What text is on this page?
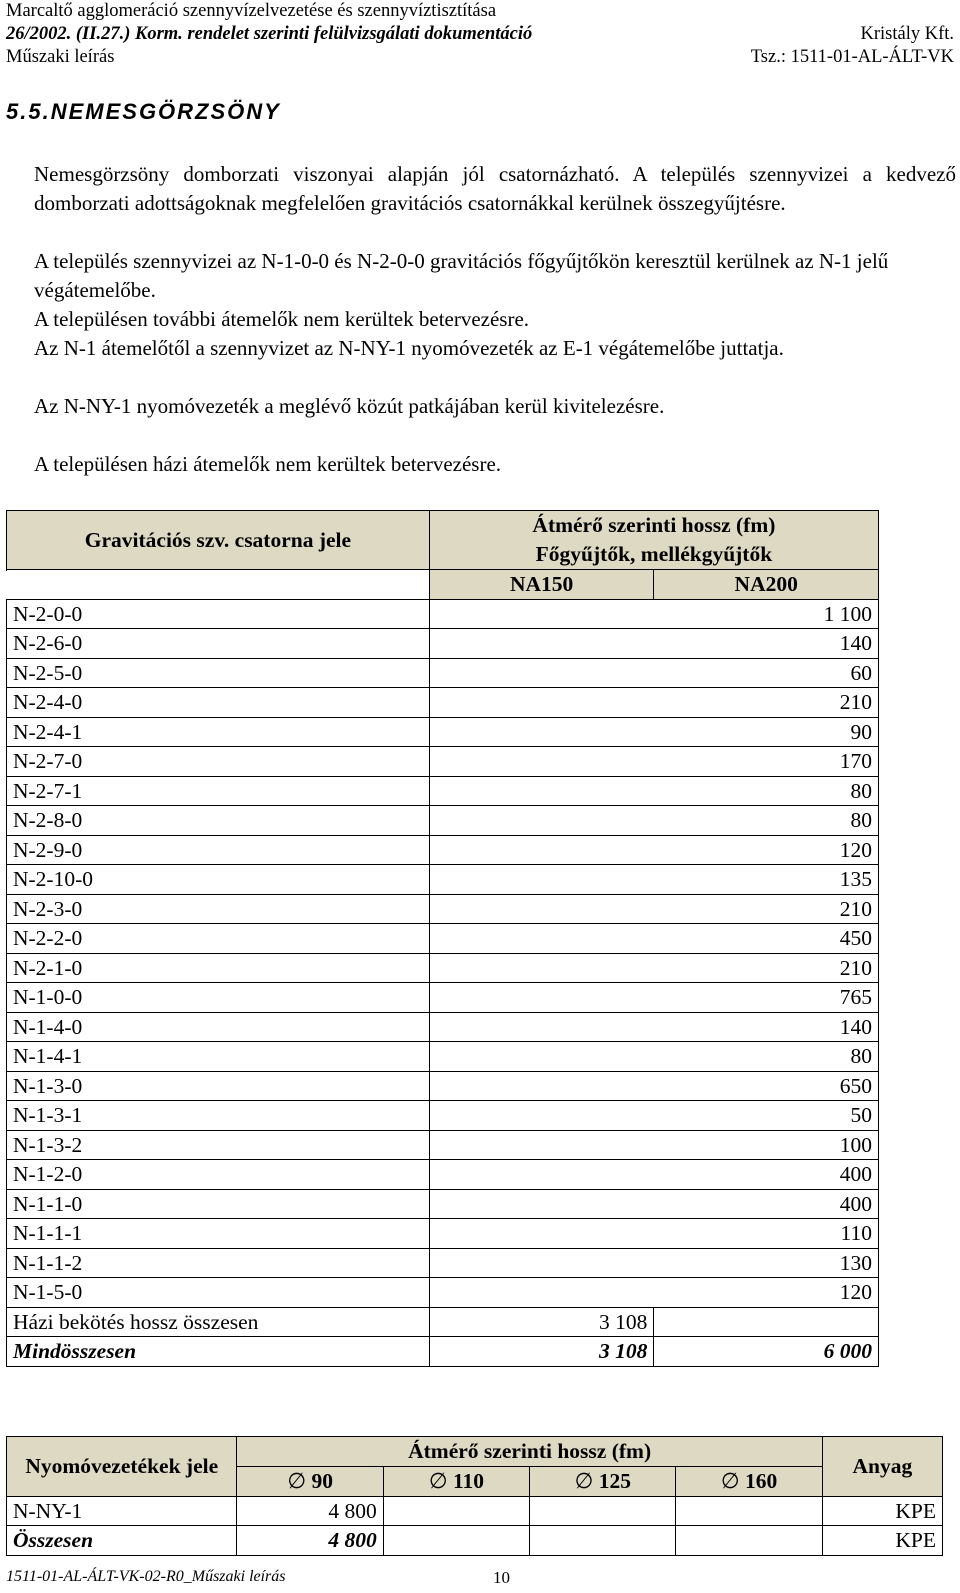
Marcaltő agglomeráció szennyvízelvezetése és szennyvíztisztítása
26/2002. (II.27.) Korm. rendelet szerinti felülvizsgálati dokumentáció	Kristály Kft.
Műszaki leírás	Tsz.: 1511-01-AL-ÁLT-VK
5.5.NEMESGÖRZSÖNY
Nemesgörzsöny domborzati viszonyai alapján jól csatornázható. A település szennyvizei a kedvező domborzati adottságoknak megfelelően gravitációs csatornákkal kerülnek összegyűjtésre.
A település szennyvizei az N-1-0-0 és N-2-0-0 gravitációs főgyűjtőkön keresztül kerülnek az N-1 jelű végátemelőbe.
A településen további átemelők nem kerültek betervezésre.
Az N-1 átemelőtől a szennyvizet az N-NY-1 nyomóvezeték az E-1 végátemelőbe juttatja.
Az N-NY-1 nyomóvezeték a meglévő közút patkájában kerül kivitelezésre.
A településen házi átemelők nem kerültek betervezésre.
Gravitációs szv. csatorna jele	Átmérő szerinti hossz (fm)
Főgyűjtők, mellékgyűjtők	

	NA150	NA200
N-2-0-0		1 100
N-2-6-0		140
N-2-5-0		60
N-2-4-0		210
N-2-4-1		90
N-2-7-0		170
N-2-7-1		80
N-2-8-0		80
N-2-9-0		120
N-2-10-0		135
N-2-3-0		210
N-2-2-0		450
N-2-1-0		210
N-1-0-0		765
N-1-4-0		140
N-1-4-1		80
N-1-3-0		650
N-1-3-1		50
N-1-3-2		100
N-1-2-0		400
N-1-1-0		400
N-1-1-1		110
N-1-1-2		130
N-1-5-0		120
Házi bekötés hossz összesen	3 108	
Mindösszesen	3 108	6 000
Nyomóvezetékek jele	Átmérő szerinti hossz (fm)				Anyag
	∅ 90	∅ 110	∅ 125	∅ 160	
N-NY-1	4 800				KPE
Összesen	4 800				KPE
1511-01-AL-ÁLT-VK-02-R0_Műszaki leírás	10
